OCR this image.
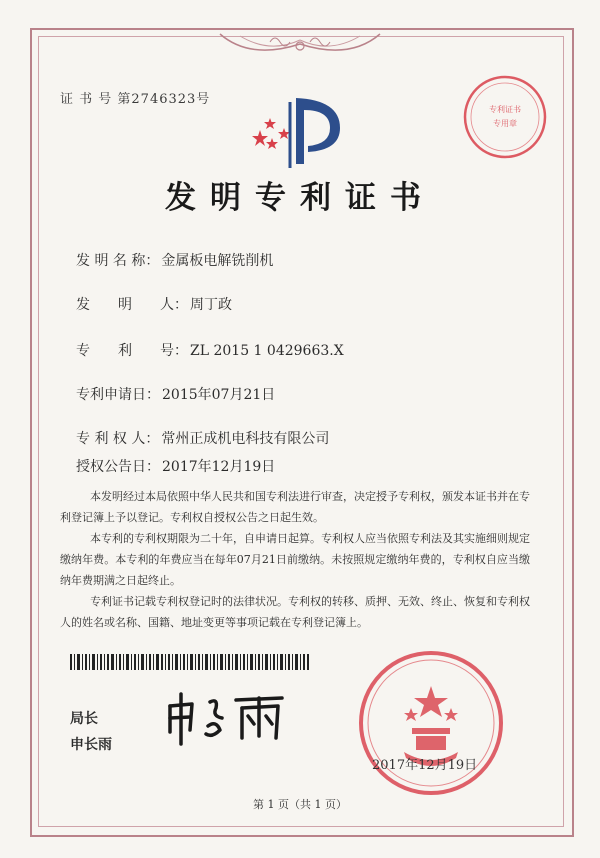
证 书 号 第2746323号
专利证书
专用章
发明专利证书
发 明 名 称： 金属板电解铣削机
发　　明　　人： 周丁政
专　　利　　号： ZL 2015 1 0429663.X
专利申请日： 2015年07月21日
专 利 权 人： 常州正成机电科技有限公司
授权公告日： 2017年12月19日

本发明经过本局依照中华人民共和国专利法进行审查，决定授予专利权，颁发本证书并在专利登记簿上予以登记。专利权自授权公告之日起生效。

本专利的专利权期限为二十年，自申请日起算。专利权人应当依照专利法及其实施细则规定缴纳年费。本专利的年费应当在每年07月21日前缴纳。未按照规定缴纳年费的，专利权自应当缴纳年费期满之日起终止。

专利证书记载专利权登记时的法律状况。专利权的转移、质押、无效、终止、恢复和专利权人的姓名或名称、国籍、地址变更等事项记载在专利登记簿上。

局长
申长雨
2017年12月19日
第 1 页（共 1 页）
